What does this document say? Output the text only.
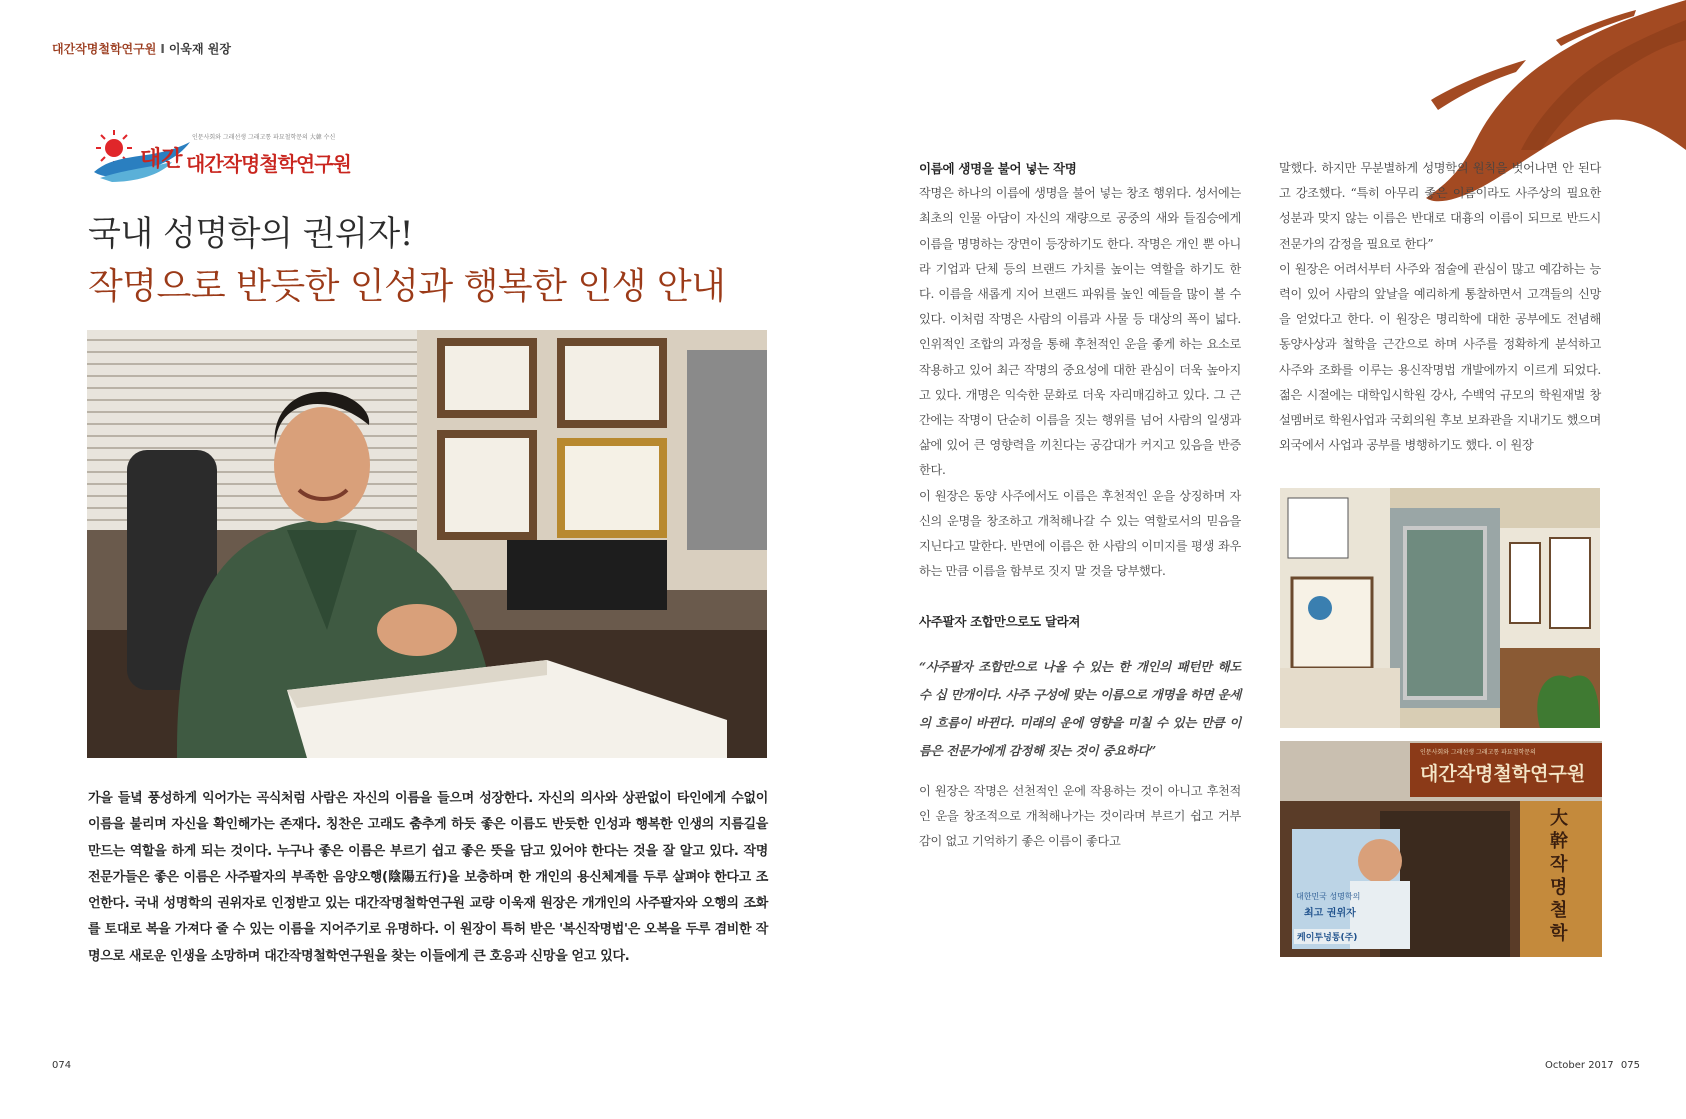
대간작명철학연구원 I 이욱재 원장
대간
인문사회와 그래선생 그래고통 파묘철학문의 大韓 수신
대간작명철학연구원
국내 성명학의 권위자!
작명으로 반듯한 인성과 행복한 인생 안내
가을 들녘 풍성하게 익어가는 곡식처럼 사람은 자신의 이름을 들으며 성장한다. 자신의 의사와 상관없이 타인에게 수없이 이름을 불리며 자신을 확인해가는 존재다. 칭찬은 고래도 춤추게 하듯 좋은 이름도 반듯한 인성과 행복한 인생의 지름길을 만드는 역할을 하게 되는 것이다. 누구나 좋은 이름은 부르기 쉽고 좋은 뜻을 담고 있어야 한다는 것을 잘 알고 있다. 작명 전문가들은 좋은 이름은 사주팔자의 부족한 음양오행(陰陽五行)을 보충하며 한 개인의 용신체계를 두루 살펴야 한다고 조언한다. 국내 성명학의 권위자로 인정받고 있는 대간작명철학연구원 교량 이욱재 원장은 개개인의 사주팔자와 오행의 조화를 토대로 복을 가져다 줄 수 있는 이름을 지어주기로 유명하다. 이 원장이 특허 받은 '복신작명법'은 오복을 두루 겸비한 작명으로 새로운 인생을 소망하며 대간작명철학연구원을 찾는 이들에게 큰 호응과 신망을 얻고 있다.

이름에 생명을 불어 넣는 작명

작명은 하나의 이름에 생명을 불어 넣는 창조 행위다. 성서에는 최초의 인물 아담이 자신의 재량으로 공중의 새와 들짐승에게 이름을 명명하는 장면이 등장하기도 한다. 작명은 개인 뿐 아니라 기업과 단체 등의 브랜드 가치를 높이는 역할을 하기도 한다. 이름을 새롭게 지어 브랜드 파워를 높인 예들을 많이 볼 수 있다. 이처럼 작명은 사람의 이름과 사물 등 대상의 폭이 넓다. 인위적인 조합의 과정을 통해 후천적인 운을 좋게 하는 요소로 작용하고 있어 최근 작명의 중요성에 대한 관심이 더욱 높아지고 있다. 개명은 익숙한 문화로 더욱 자리매김하고 있다. 그 근간에는 작명이 단순히 이름을 짓는 행위를 넘어 사람의 일생과 삶에 있어 큰 영향력을 끼친다는 공감대가 커지고 있음을 반증한다.

이 원장은 동양 사주에서도 이름은 후천적인 운을 상징하며 자신의 운명을 창조하고 개척해나갈 수 있는 역할로서의 믿음을 지닌다고 말한다. 반면에 이름은 한 사람의 이미지를 평생 좌우하는 만큼 이름을 함부로 짓지 말 것을 당부했다.

사주팔자 조합만으로도 달라져

“사주팔자 조합만으로 나올 수 있는 한 개인의 패턴만 해도 수 십 만개이다. 사주 구성에 맞는 이름으로 개명을 하면 운세의 흐름이 바뀐다. 미래의 운에 영향을 미칠 수 있는 만큼 이름은 전문가에게 감정해 짓는 것이 중요하다”

이 원장은 작명은 선천적인 운에 작용하는 것이 아니고 후천적인 운을 창조적으로 개척해나가는 것이라며 부르기 쉽고 거부감이 없고 기억하기 좋은 이름이 좋다고

말했다. 하지만 무분별하게 성명학의 원칙을 벗어나면 안 된다고 강조했다. “특히 아무리 좋은 이름이라도 사주상의 필요한 성분과 맞지 않는 이름은 반대로 대흉의 이름이 되므로 반드시 전문가의 감정을 필요로 한다”

이 원장은 어려서부터 사주와 점술에 관심이 많고 예감하는 능력이 있어 사람의 앞날을 예리하게 통찰하면서 고객들의 신망을 얻었다고 한다. 이 원장은 명리학에 대한 공부에도 전념해 동양사상과 철학을 근간으로 하며 사주를 정확하게 분석하고 사주와 조화를 이루는 용신작명법 개발에까지 이르게 되었다. 젊은 시절에는 대학입시학원 강사, 수백억 규모의 학원재벌 창설멤버로 학원사업과 국회의원 후보 보좌관을 지내기도 했으며 외국에서 사업과 공부를 병행하기도 했다. 이 원장

인문사회와 그래선생 그래고통 파묘철학문의
대간작명철학연구원
大幹작명철학
대한민국 성명학의
최고 권위자
케이투넝통(주)
074	October 2017 075
